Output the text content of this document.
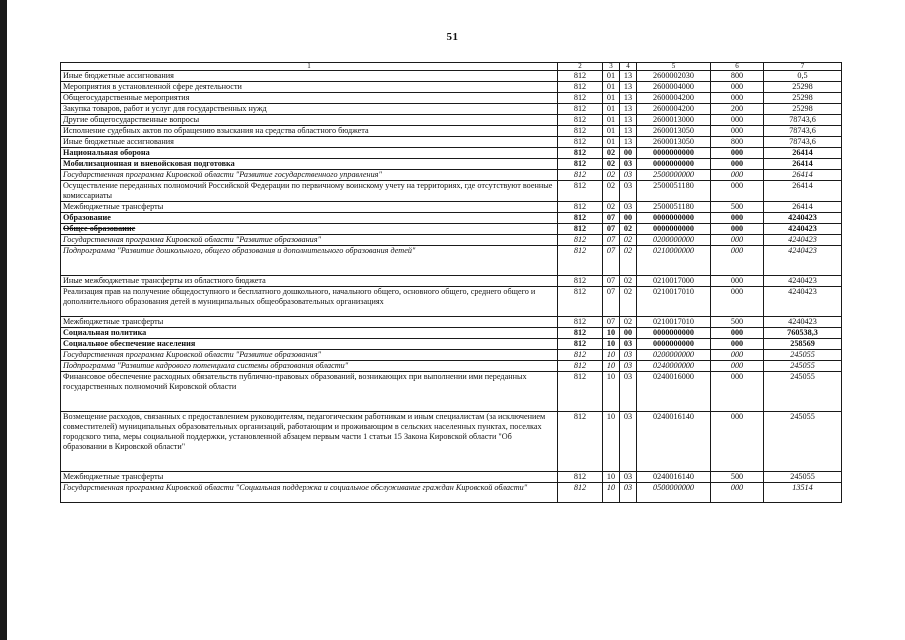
51
1	2	3	4	5	6	7
Иные бюджетные ассигнования	812	01	13	2600002030	800	0,5
Мероприятия в установленной сфере деятельности	812	01	13	2600004000	000	25298
Общегосударственные мероприятия	812	01	13	2600004200	000	25298
Закупка товаров, работ и услуг для государственных нужд	812	01	13	2600004200	200	25298
Другие общегосударственные вопросы	812	01	13	2600013000	000	78743,6
Исполнение судебных актов по обращению взыскания на средства областного бюджета	812	01	13	2600013050	000	78743,6
Иные бюджетные ассигнования	812	01	13	2600013050	800	78743,6
Национальная оборона	812	02	00	0000000000	000	26414
Мобилизационная и вневойсковая подготовка	812	02	03	0000000000	000	26414
Государственная программа Кировской области "Развитие государственного управления"	812	02	03	2500000000	000	26414
Осуществление переданных полномочий Российской Федерации по первичному воинскому учету на территориях, где отсутствуют военные комиссариаты	812	02	03	2500051180	000	26414
Межбюджетные трансферты	812	02	03	2500051180	500	26414
Образование	812	07	00	0000000000	000	4240423
Общее образование	812	07	02	0000000000	000	4240423
Государственная программа Кировской области "Развитие образования"	812	07	02	0200000000	000	4240423
Подпрограмма "Развитие дошкольного, общего образования и дополнительного образования детей"	812	07	02	0210000000	000	4240423
Иные межбюджетные трансферты из областного бюджета	812	07	02	0210017000	000	4240423
Реализация прав на получение общедоступного и бесплатного дошкольного, начального общего, основного общего, среднего общего и дополнительного образования детей в муниципальных общеобразовательных организациях	812	07	02	0210017010	000	4240423
Межбюджетные трансферты	812	07	02	0210017010	500	4240423
Социальная политика	812	10	00	0000000000	000	760538,3
Социальное обеспечение населения	812	10	03	0000000000	000	258569
Государственная программа Кировской области "Развитие образования"	812	10	03	0200000000	000	245055
Подпрограмма "Развитие кадрового потенциала системы образования области"	812	10	03	0240000000	000	245055
Финансовое обеспечение расходных обязательств публично-правовых образований, возникающих при выполнении ими переданных государственных полномочий Кировской области	812	10	03	0240016000	000	245055
Возмещение расходов, связанных с предоставлением руководителям, педагогическим работникам и иным специалистам (за исключением совместителей) муниципальных образовательных организаций, работающим и проживающим в сельских населенных пунктах, поселках городского типа, меры социальной поддержки, установленной абзацем первым части 1 статьи 15 Закона Кировской области "Об образовании в Кировской области"	812	10	03	0240016140	000	245055
Межбюджетные трансферты	812	10	03	0240016140	500	245055
Государственная программа Кировской области "Социальная поддержка и социальное обслуживание граждан Кировской области"	812	10	03	0500000000	000	13514
